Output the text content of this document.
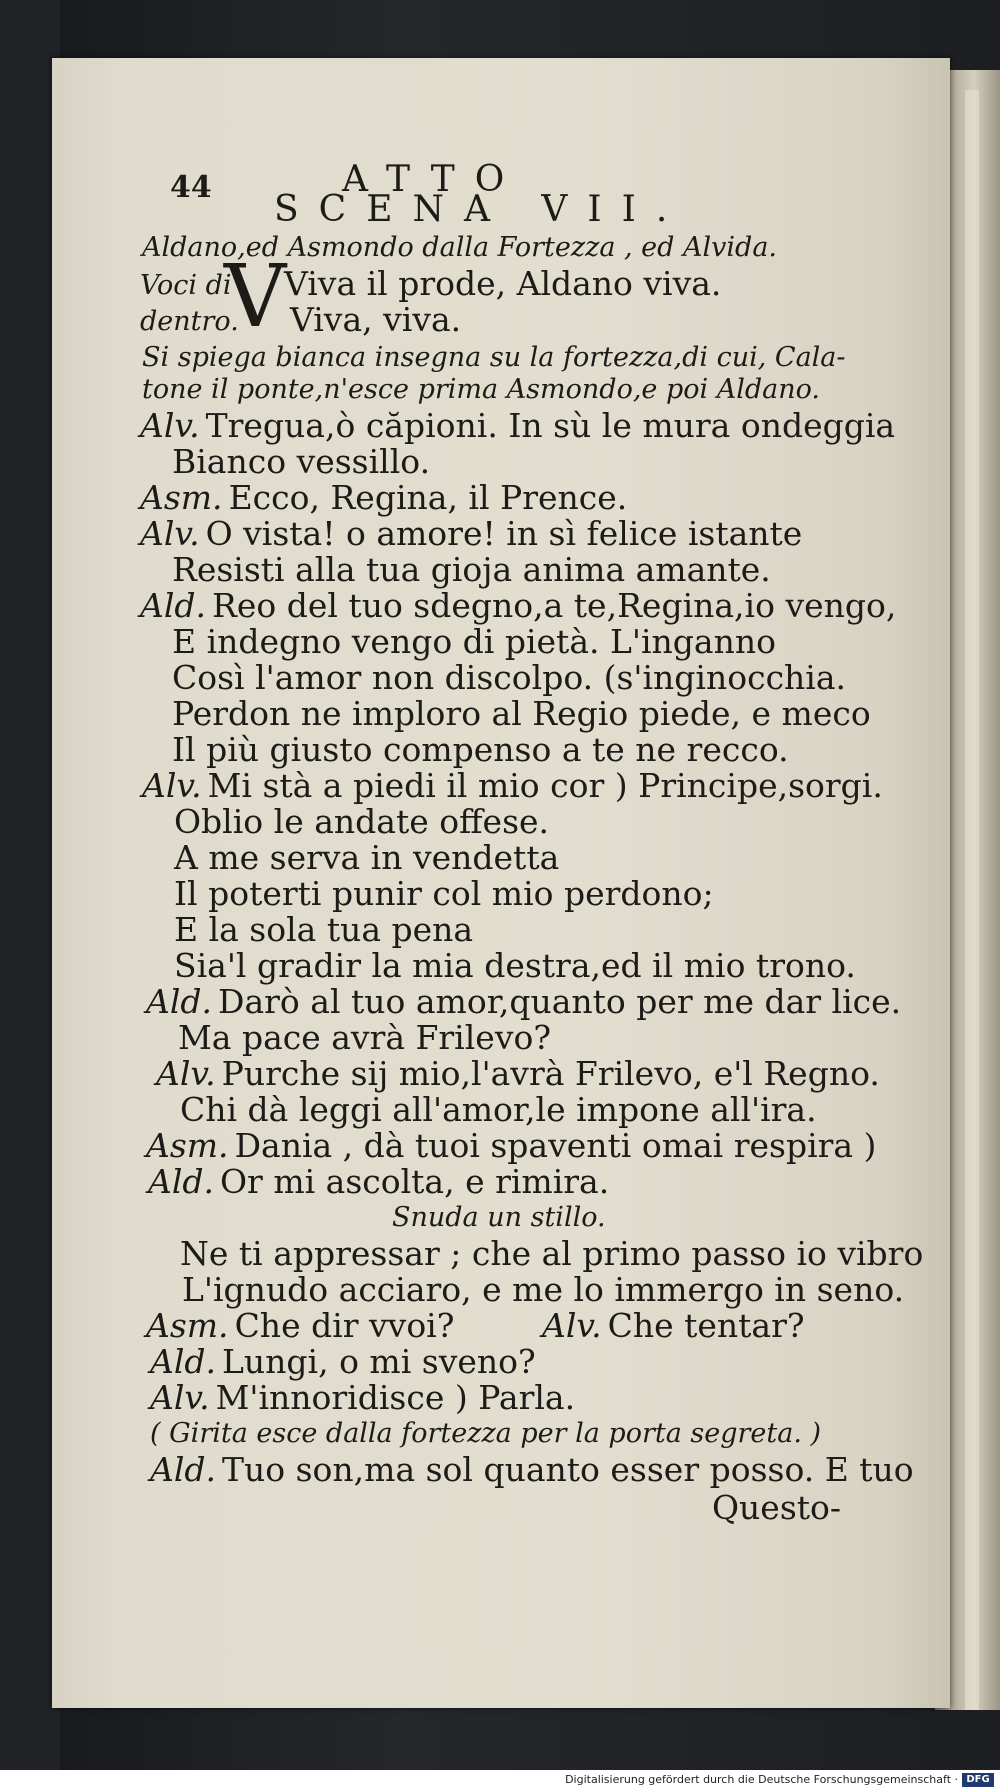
44	ATTO
SCENA VII.
Aldano,ed Asmondo dalla Fortezza , ed Alvida.
Voci di
dentro.
V
Viva il prode, Aldano viva.
Viva, viva.
Si spiega bianca insegna su la fortezza,di cui, Cala-
tone il ponte,n'esce prima Asmondo,e poi Aldano.
Alv. Tregua,ò căpioni. In sù le mura ondeggia
Bianco vessillo.
Asm. Ecco, Regina, il Prence.
Alv. O vista! o amore! in sì felice istante
Resisti alla tua gioja anima amante.
Ald. Reo del tuo sdegno,a te,Regina,io vengo,
E indegno vengo di pietà. L'inganno
Così l'amor non discolpo. (s'inginocchia.
Perdon ne imploro al Regio piede, e meco
Il più giusto compenso a te ne recco.
Alv. Mi stà a piedi il mio cor ) Principe,sorgi.
Oblio le andate offese.
A me serva in vendetta
Il poterti punir col mio perdono;
E la sola tua pena
Sia'l gradir la mia destra,ed il mio trono.
Ald. Darò al tuo amor,quanto per me dar lice.
Ma pace avrà Frilevo?
Alv. Purche sij mio,l'avrà Frilevo, e'l Regno.
Chi dà leggi all'amor,le impone all'ira.
Asm. Dania , dà tuoi spaventi omai respira )
Ald. Or mi ascolta, e rimira.
Snuda un stillo.
Ne ti appressar ; che al primo passo io vibro
L'ignudo acciaro, e me lo immergo in seno.
Asm. Che dir vvoi?	Alv. Che tentar?
Ald. Lungi, o mi sveno?
Alv. M'innoridisce ) Parla.
( Girita esce dalla fortezza per la porta segreta. )
Ald. Tuo son,ma sol quanto esser posso. E tuo
Questo-
Digitalisierung gefördert durch die Deutsche Forschungsgemeinschaft · DFG
